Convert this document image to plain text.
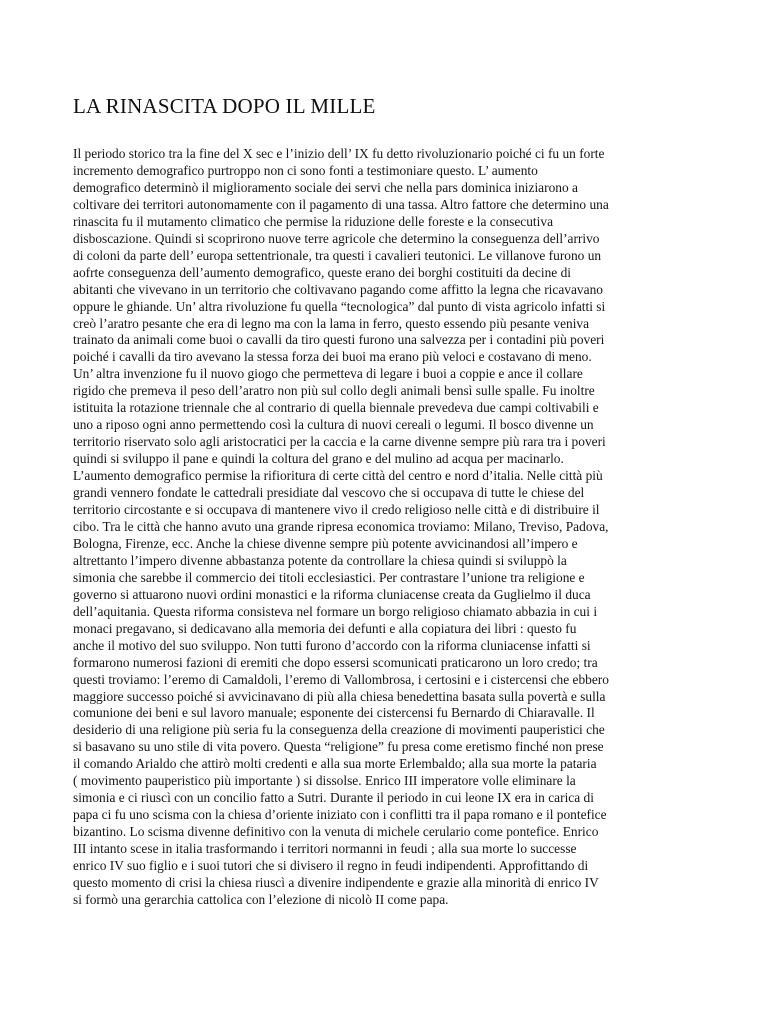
LA RINASCITA DOPO IL MILLE
Il periodo storico tra la fine del X sec e l’inizio dell’ IX fu detto rivoluzionario poiché ci fu un forte
incremento demografico purtroppo non ci sono fonti a testimoniare questo. L’ aumento
demografico determinò il miglioramento sociale dei servi che nella pars dominica iniziarono a
coltivare dei territori autonomamente con il pagamento di una tassa. Altro fattore che determino una
rinascita fu il mutamento climatico che permise la riduzione delle foreste e la consecutiva
disboscazione. Quindi si scoprirono nuove terre agricole che determino la conseguenza dell’arrivo
di coloni da parte dell’ europa settentrionale, tra questi i cavalieri teutonici. Le villanove furono un
aofrte conseguenza dell’aumento demografico, queste erano dei borghi costituiti da decine di
abitanti che vivevano in un territorio che coltivavano pagando come affitto la legna che ricavavano
oppure le ghiande. Un’ altra rivoluzione fu quella “tecnologica” dal punto di vista agricolo infatti si
creò l’aratro pesante che era di legno ma con la lama in ferro, questo essendo più pesante veniva
trainato da animali come buoi o cavalli da tiro questi furono una salvezza per i contadini più poveri
poiché i cavalli da tiro avevano la stessa forza dei buoi ma erano più veloci e costavano di meno.
Un’ altra invenzione fu il nuovo giogo che permetteva di legare i buoi a coppie e ance il collare
rigido che premeva il peso dell’aratro non più sul collo degli animali bensì sulle spalle. Fu inoltre
istituita la rotazione triennale che al contrario di quella biennale prevedeva due campi coltivabili e
uno a riposo ogni anno permettendo così la cultura di nuovi cereali o legumi. Il bosco divenne un
territorio riservato solo agli aristocratici per la caccia e la carne divenne sempre più rara tra i poveri
quindi si sviluppo il pane e quindi la coltura del grano e del mulino ad acqua per macinarlo.
L’aumento demografico permise la rifioritura di certe città del centro e nord d’italia. Nelle città più
grandi vennero fondate le cattedrali presidiate dal vescovo che si occupava di tutte le chiese del
territorio circostante e si occupava di mantenere vivo il credo religioso nelle città e di distribuire il
cibo. Tra le città che hanno avuto una grande ripresa economica troviamo: Milano, Treviso, Padova,
Bologna, Firenze, ecc. Anche la chiese divenne sempre più potente avvicinandosi all’impero e
altrettanto l’impero divenne abbastanza potente da controllare la chiesa quindi si sviluppò la
simonia che sarebbe il commercio dei titoli ecclesiastici. Per contrastare l’unione tra religione e
governo si attuarono nuovi ordini monastici e la riforma cluniacense creata da Guglielmo il duca
dell’aquitania. Questa riforma consisteva nel formare un borgo religioso chiamato abbazia in cui i
monaci pregavano, si dedicavano alla memoria dei defunti e alla copiatura dei libri : questo fu
anche il motivo del suo sviluppo. Non tutti furono d’accordo con la riforma cluniacense infatti si
formarono numerosi fazioni di eremiti che dopo essersi scomunicati praticarono un loro credo; tra
questi troviamo: l’eremo di Camaldoli, l’eremo di Vallombrosa, i certosini e i cistercensi che ebbero
maggiore successo poiché si avvicinavano di più alla chiesa benedettina basata sulla povertà e sulla
comunione dei beni e sul lavoro manuale; esponente dei cistercensi fu Bernardo di Chiaravalle. Il
desiderio di una religione più seria fu la conseguenza della creazione di movimenti pauperistici che
si basavano su uno stile di vita povero. Questa “religione” fu presa come eretismo finché non prese
il comando Arialdo che attirò molti credenti e alla sua morte Erlembaldo; alla sua morte la pataria
( movimento pauperistico più importante ) si dissolse. Enrico III imperatore volle eliminare la
simonia e ci riuscì con un concilio fatto a Sutri. Durante il periodo in cui leone IX era in carica di
papa ci fu uno scisma con la chiesa d’oriente iniziato con i conflitti tra il papa romano e il pontefice
bizantino. Lo scisma divenne definitivo con la venuta di michele cerulario come pontefice. Enrico
III intanto scese in italia trasformando i territori normanni in feudi ; alla sua morte lo successe
enrico IV suo figlio e i suoi tutori che si divisero il regno in feudi indipendenti. Approfittando di
questo momento di crisi la chiesa riuscì a divenire indipendente e grazie alla minorità di enrico IV
si formò una gerarchia cattolica con l’elezione di nicolò II come papa.
